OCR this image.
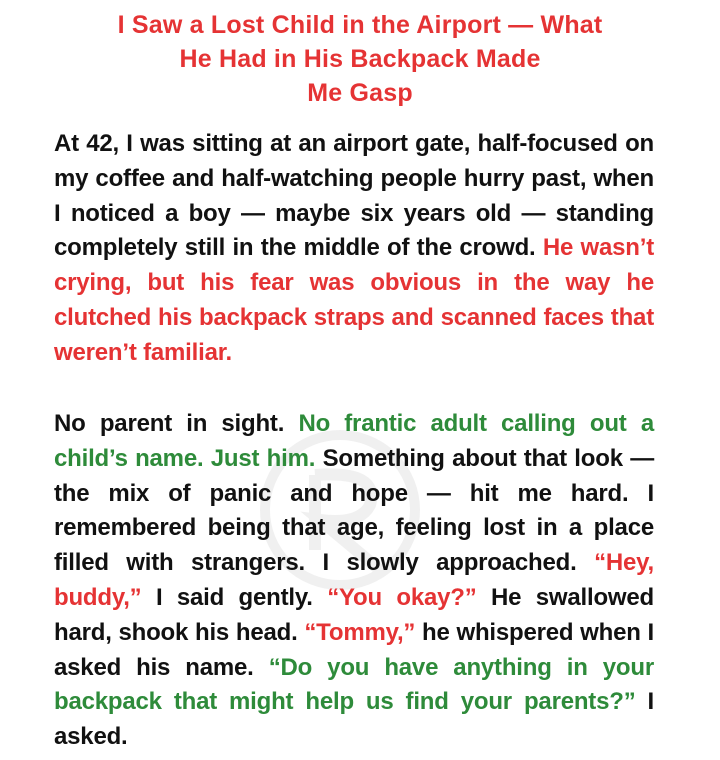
I Saw a Lost Child in the Airport — What
He Had in His Backpack Made
Me Gasp

At 42, I was sitting at an airport gate, half-focused on my coffee and half-watching people hurry past, when I noticed a boy — maybe six years old — standing completely still in the middle of the crowd. He wasn’t crying, but his fear was obvious in the way he clutched his backpack straps and scanned faces that weren’t familiar.

No parent in sight. No frantic adult calling out a child’s name. Just him. Something about that look — the mix of panic and hope — hit me hard. I remembered being that age, feeling lost in a place filled with strangers. I slowly approached. “Hey, buddy,” I said gently. “You okay?” He swallowed hard, shook his head. “Tommy,” he whispered when I asked his name. “Do you have anything in your backpack that might help us find your parents?” I asked.
